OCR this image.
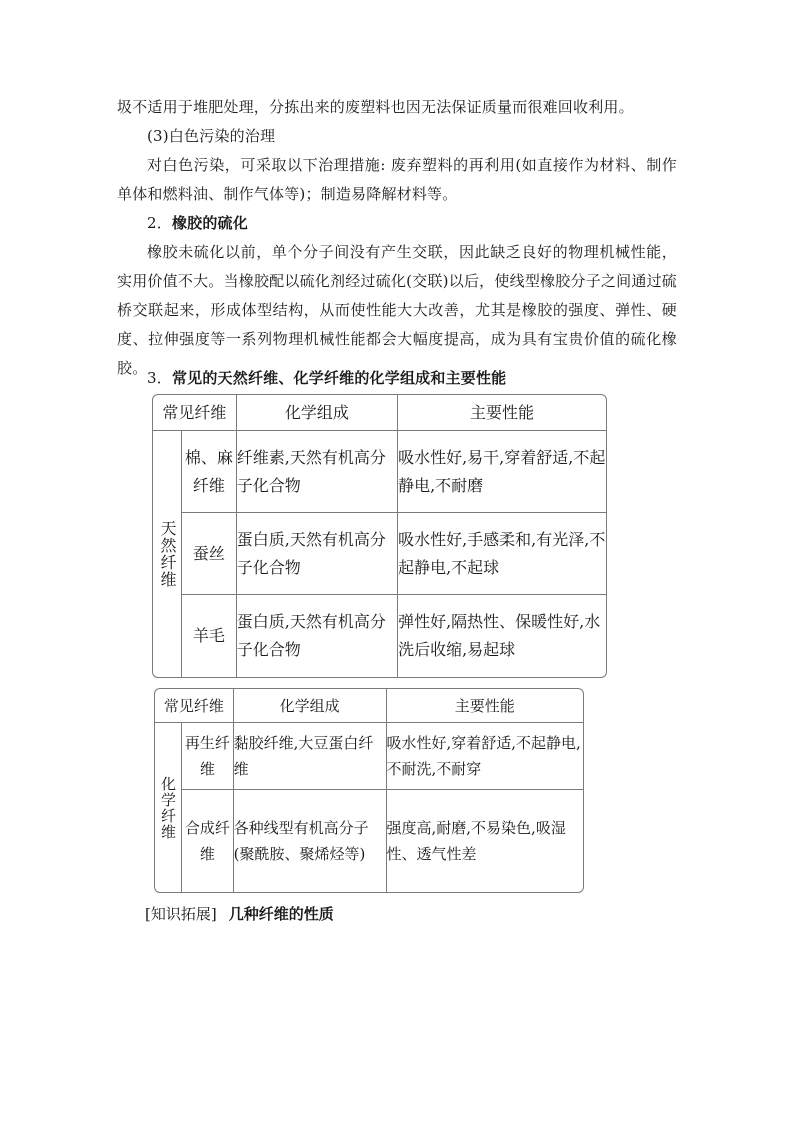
圾不适用于堆肥处理，分拣出来的废塑料也因无法保证质量而很难回收利用。

(3)白色污染的治理

对白色污染，可采取以下治理措施: 废弃塑料的再利用(如直接作为材料、制作单体和燃料油、制作气体等)；制造易降解材料等。

2．橡胶的硫化

橡胶未硫化以前，单个分子间没有产生交联，因此缺乏良好的物理机械性能，实用价值不大。当橡胶配以硫化剂经过硫化(交联)以后，使线型橡胶分子之间通过硫桥交联起来，形成体型结构，从而使性能大大改善，尤其是橡胶的强度、弹性、硬度、拉伸强度等一系列物理机械性能都会大幅度提高，成为具有宝贵价值的硫化橡胶。

3．常见的天然纤维、化学纤维的化学组成和主要性能

常见纤维		化学组成	主要性能

天然纤维	棉、麻纤维	纤维素,天然有机高分子化合物	吸水性好,易干,穿着舒适,不起静电,不耐磨
	蚕丝	蛋白质,天然有机高分子化合物	吸水性好,手感柔和,有光泽,不起静电,不起球
	羊毛	蛋白质,天然有机高分子化合物	弹性好,隔热性、保暖性好,水洗后收缩,易起球
常见纤维		化学组成	主要性能

化学纤维	再生纤维	黏胶纤维,大豆蛋白纤维	吸水性好,穿着舒适,不起静电,不耐洗,不耐穿
	合成纤维	各种线型有机高分子(聚酰胺、聚烯烃等)	强度高,耐磨,不易染色,吸湿性、透气性差

[知识拓展] 几种纤维的性质
